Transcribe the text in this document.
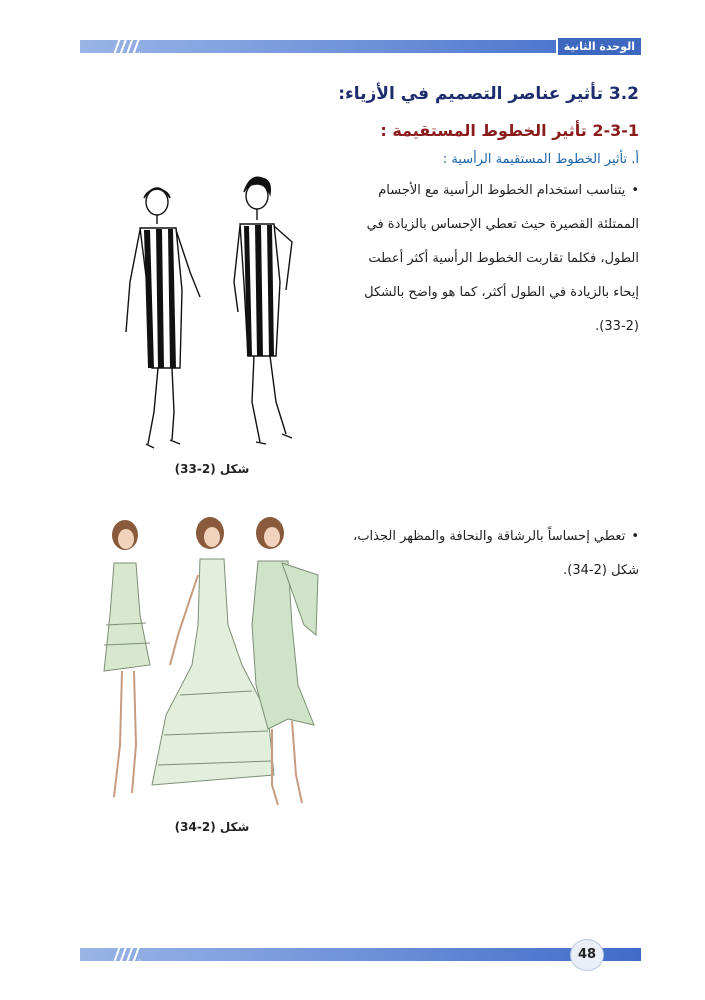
الوحدة الثانية
3.2 تأثير عناصر التصميم في الأزياء:
2-3-1 تأثير الخطوط المستقيمة :
أ. تأثير الخطوط المستقيمة الرأسية :
•يتناسب استخدام الخطوط الرأسية مع الأجسام الممتلئة القصيرة حيث تعطي الإحساس بالزيادة في الطول، فكلما تقاربت الخطوط الرأسية أكثر أعطت إيحاء بالزيادة في الطول أكثر، كما هو واضح بالشكل (2-33).
•تعطي إحساساً بالرشاقة والنحافة والمظهر الجذاب، شكل (2-34).
شكل (2-33)
شكل (2-34)
48
